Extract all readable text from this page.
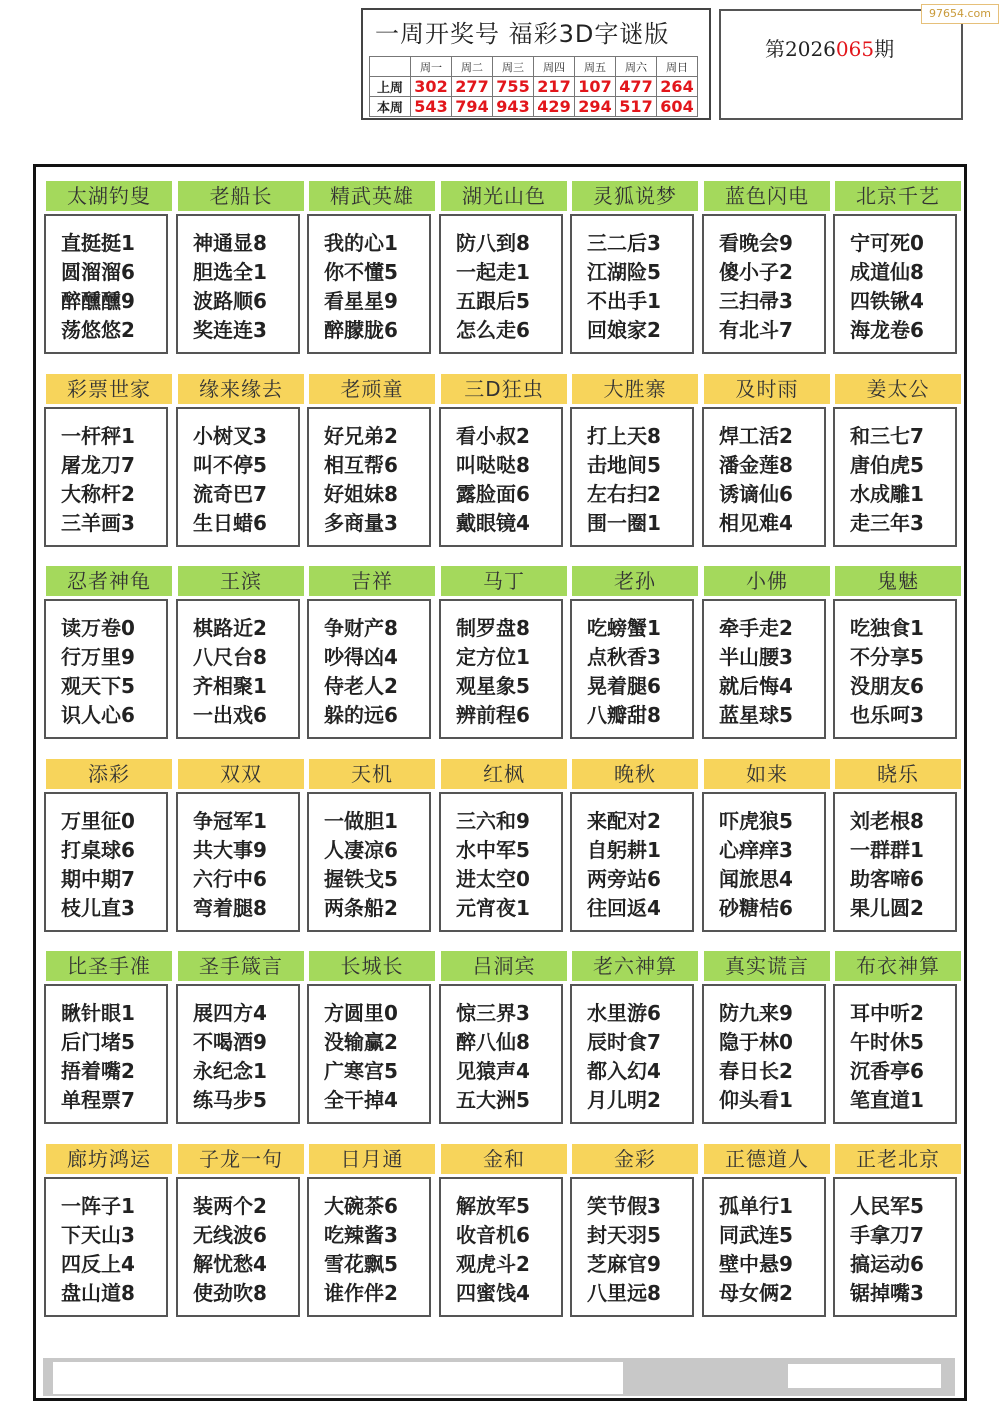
一周开奖号 福彩3D字谜版
	周一	周二	周三	周四	周五	周六	周日
上周	302	277	755	217	107	477	264
本周	543	794	943	429	294	517	604
第2026065期
97654.com
太湖钓叟
直挺挺1
圆溜溜6
醉醺醺9
荡悠悠2
老船长
神通显8
胆选全1
波路顺6
奖连连3
精武英雄
我的心1
你不懂5
看星星9
醉朦胧6
湖光山色
防八到8
一起走1
五跟后5
怎么走6
灵狐说梦
三二后3
江湖险5
不出手1
回娘家2
蓝色闪电
看晚会9
傻小子2
三扫帚3
有北斗7
北京千艺
宁可死0
成道仙8
四铁锹4
海龙卷6
彩票世家
一杆秤1
屠龙刀7
大称杆2
三羊画3
缘来缘去
小树叉3
叫不停5
流奇巴7
生日蜡6
老顽童
好兄弟2
相互帮6
好姐妹8
多商量3
三D狂虫
看小叔2
叫哒哒8
露脸面6
戴眼镜4
大胜寨
打上天8
击地间5
左右扫2
围一圈1
及时雨
焊工活2
潘金莲8
诱谪仙6
相见难4
姜太公
和三七7
唐伯虎5
水成雕1
走三年3
忍者神龟
读万卷0
行万里9
观天下5
识人心6
王滨
棋路近2
八尺台8
齐相聚1
一出戏6
吉祥
争财产8
吵得凶4
侍老人2
躲的远6
马丁
制罗盘8
定方位1
观星象5
辨前程6
老孙
吃螃蟹1
点秋香3
晃着腿6
八瓣甜8
小佛
牵手走2
半山腰3
就后悔4
蓝星球5
鬼魅
吃独食1
不分享5
没朋友6
也乐呵3
添彩
万里征0
打桌球6
期中期7
枝儿直3
双双
争冠军1
共大事9
六行中6
弯着腿8
天机
一做胆1
人凄凉6
握铁戈5
两条船2
红枫
三六和9
水中军5
进太空0
元宵夜1
晚秋
来配对2
自躬耕1
两旁站6
往回返4
如来
吓虎狼5
心痒痒3
闻旅思4
砂糖桔6
晓乐
刘老根8
一群群1
助客啼6
果儿圆2
比圣手准
瞅针眼1
后门堵5
捂着嘴2
单程票7
圣手箴言
展四方4
不喝酒9
永纪念1
练马步5
长城长
方圆里0
没输赢2
广寒宫5
全干掉4
吕洞宾
惊三界3
醉八仙8
见猿声4
五大洲5
老六神算
水里游6
辰时食7
都入幻4
月儿明2
真实谎言
防九来9
隐于林0
春日长2
仰头看1
布衣神算
耳中听2
午时休5
沉香亭6
笔直道1
廊坊鸿运
一阵子1
下天山3
四反上4
盘山道8
子龙一句
装两个2
无线波6
解忧愁4
使劲吹8
日月通
大碗茶6
吃辣酱3
雪花飘5
谁作伴2
金和
解放军5
收音机6
观虎斗2
四蜜饯4
金彩
笑节假3
封天羽5
芝麻官9
八里远8
正德道人
孤单行1
同武连5
壁中悬9
母女俩2
正老北京
人民军5
手拿刀7
搞运动6
锯掉嘴3
